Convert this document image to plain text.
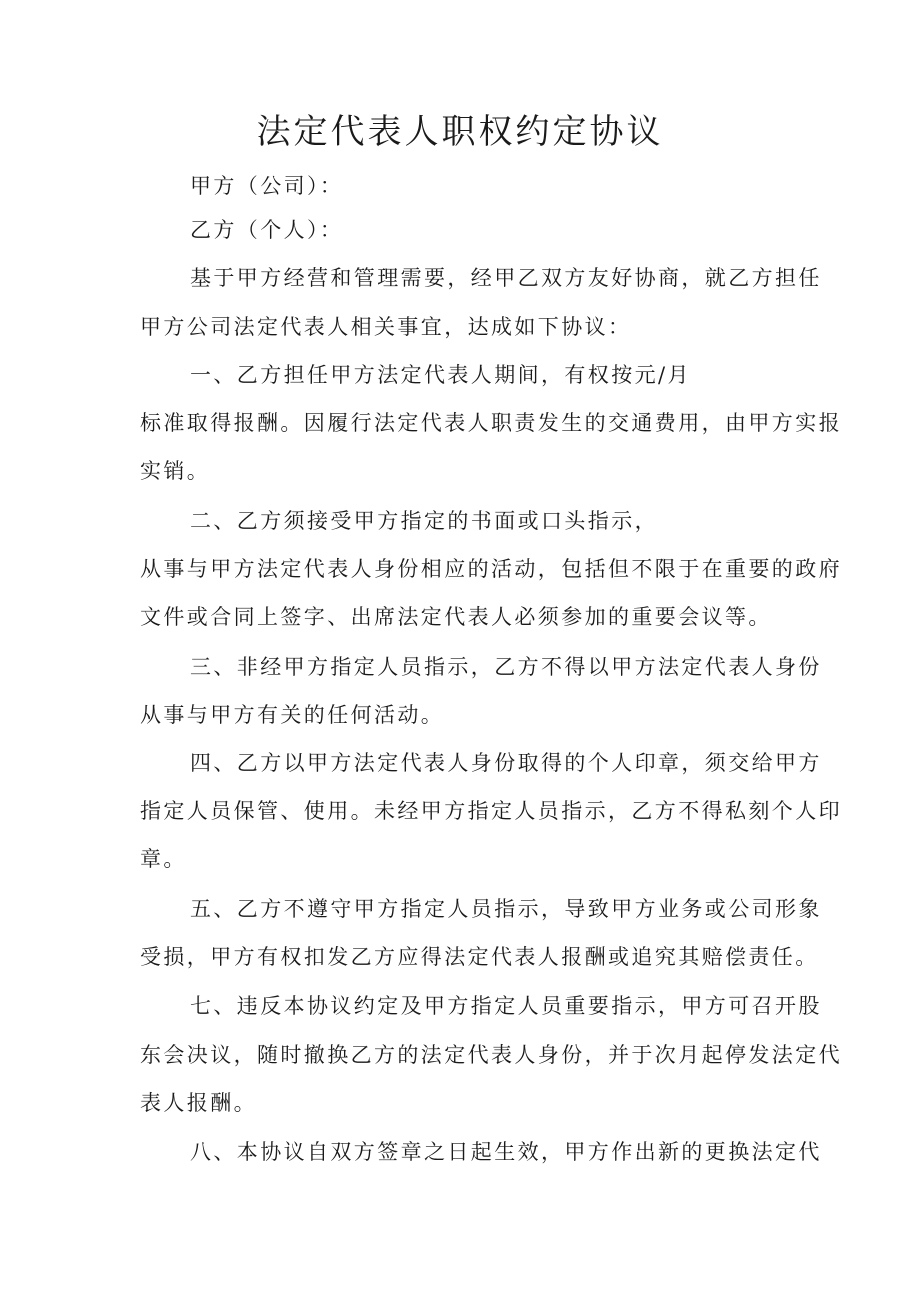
法定代表人职权约定协议
甲方（公司）：
乙方（个人）：
基于甲方经营和管理需要，经甲乙双方友好协商，就乙方担任
甲方公司法定代表人相关事宜，达成如下协议：
一、乙方担任甲方法定代表人期间，有权按元/月
标准取得报酬。因履行法定代表人职责发生的交通费用，由甲方实报
实销。
二、乙方须接受甲方指定的书面或口头指示，
从事与甲方法定代表人身份相应的活动，包括但不限于在重要的政府
文件或合同上签字、出席法定代表人必须参加的重要会议等。
三、非经甲方指定人员指示，乙方不得以甲方法定代表人身份
从事与甲方有关的任何活动。
四、乙方以甲方法定代表人身份取得的个人印章，须交给甲方
指定人员保管、使用。未经甲方指定人员指示，乙方不得私刻个人印
章。
五、乙方不遵守甲方指定人员指示，导致甲方业务或公司形象
受损，甲方有权扣发乙方应得法定代表人报酬或追究其赔偿责任。
七、违反本协议约定及甲方指定人员重要指示，甲方可召开股
东会决议，随时撤换乙方的法定代表人身份，并于次月起停发法定代
表人报酬。
八、本协议自双方签章之日起生效，甲方作出新的更换法定代
